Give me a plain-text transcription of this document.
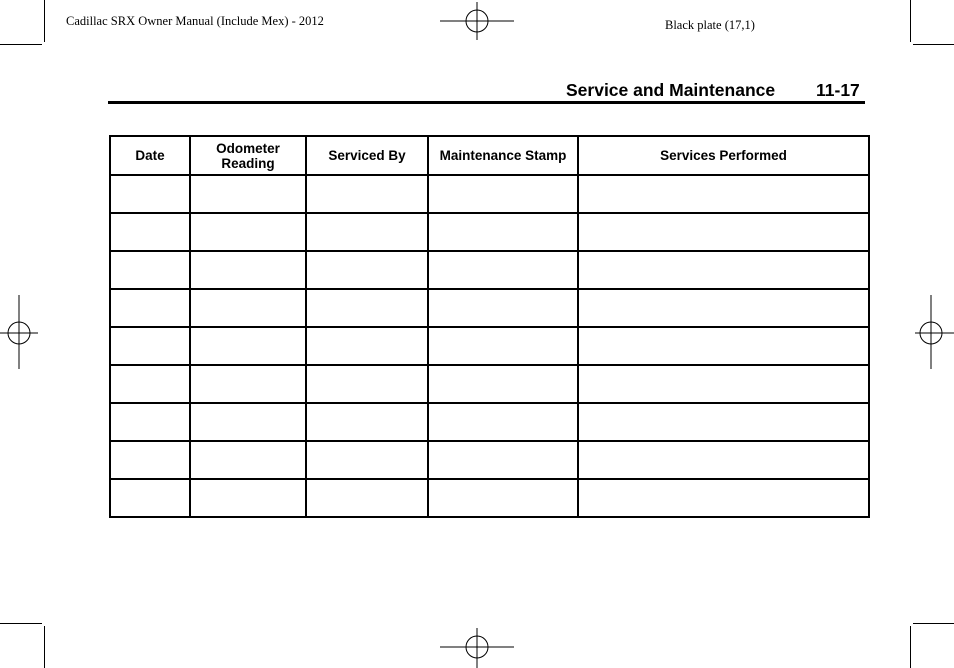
Cadillac SRX Owner Manual (Include Mex) - 2012	Black plate (17,1)
Service and Maintenance 11-17
Date	Odometer Reading	Serviced By	Maintenance Stamp	Services Performed
